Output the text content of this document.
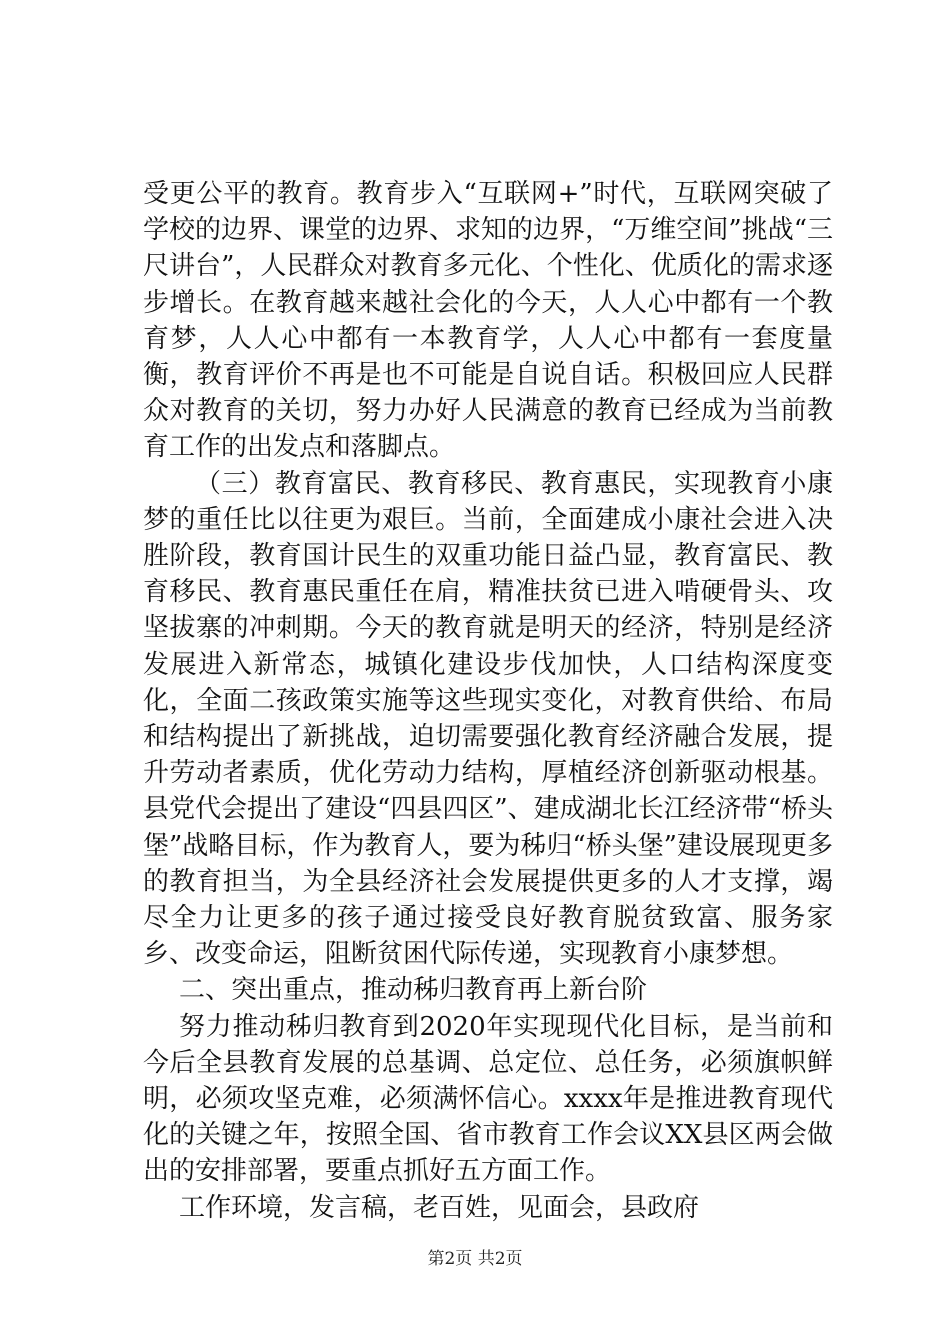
受更公平的教育。教育步入“互联网+”时代，互联网突破了学校的边界、课堂的边界、求知的边界，“万维空间”挑战“三尺讲台”，人民群众对教育多元化、个性化、优质化的需求逐步增长。在教育越来越社会化的今天，人人心中都有一个教育梦，人人心中都有一本教育学，人人心中都有一套度量衡，教育评价不再是也不可能是自说自话。积极回应人民群众对教育的关切，努力办好人民满意的教育已经成为当前教育工作的出发点和落脚点。

（三）教育富民、教育移民、教育惠民，实现教育小康梦的重任比以往更为艰巨。当前，全面建成小康社会进入决胜阶段，教育国计民生的双重功能日益凸显，教育富民、教育移民、教育惠民重任在肩，精准扶贫已进入啃硬骨头、攻坚拔寨的冲刺期。今天的教育就是明天的经济，特别是经济发展进入新常态，城镇化建设步伐加快，人口结构深度变化，全面二孩政策实施等这些现实变化，对教育供给、布局和结构提出了新挑战，迫切需要强化教育经济融合发展，提升劳动者素质，优化劳动力结构，厚植经济创新驱动根基。县党代会提出了建设“四县四区”、建成湖北长江经济带“桥头堡”战略目标，作为教育人，要为秭归“桥头堡”建设展现更多的教育担当，为全县经济社会发展提供更多的人才支撑，竭尽全力让更多的孩子通过接受良好教育脱贫致富、服务家乡、改变命运，阻断贫困代际传递，实现教育小康梦想。

二、突出重点，推动秭归教育再上新台阶

努力推动秭归教育到2020年实现现代化目标，是当前和今后全县教育发展的总基调、总定位、总任务，必须旗帜鲜明，必须攻坚克难，必须满怀信心。xxxx年是推进教育现代化的关键之年，按照全国、省市教育工作会议XX县区两会做出的安排部署，要重点抓好五方面工作。

工作环境，发言稿，老百姓，见面会，县政府

第2页 共2页
